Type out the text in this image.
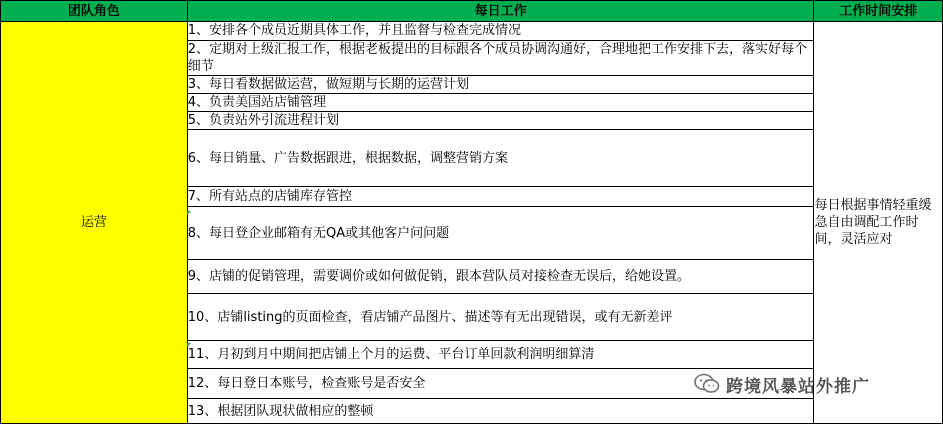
团队角色	每日工作	工作时间安排
运营	1、安排各个成员近期具体工作，并且监督与检查完成情况	每日根据事情轻重缓急自由调配工作时间，灵活应对
	2、定期对上级汇报工作，根据老板提出的目标跟各个成员协调沟通好，合理地把工作安排下去，落实好每个细节	
	3、每日看数据做运营，做短期与长期的运营计划	
	4、负责美国站店铺管理	
	5、负责站外引流进程计划	
	6、每日销量、广告数据跟进，根据数据，调整营销方案	
	7、所有站点的店铺库存管控	
	8、每日登企业邮箱有无QA或其他客户问问题	
	9、店铺的促销管理，需要调价或如何做促销，跟本营队员对接检查无误后，给她设置。	
	10、店铺listing的页面检查，看店铺产品图片、描述等有无出现错误，或有无新差评	
	11、月初到月中期间把店铺上个月的运费、平台订单回款利润明细算清	
	12、每日登日本账号，检查账号是否安全	
	13、根据团队现状做相应的整顿	
跨境风暴站外推广
